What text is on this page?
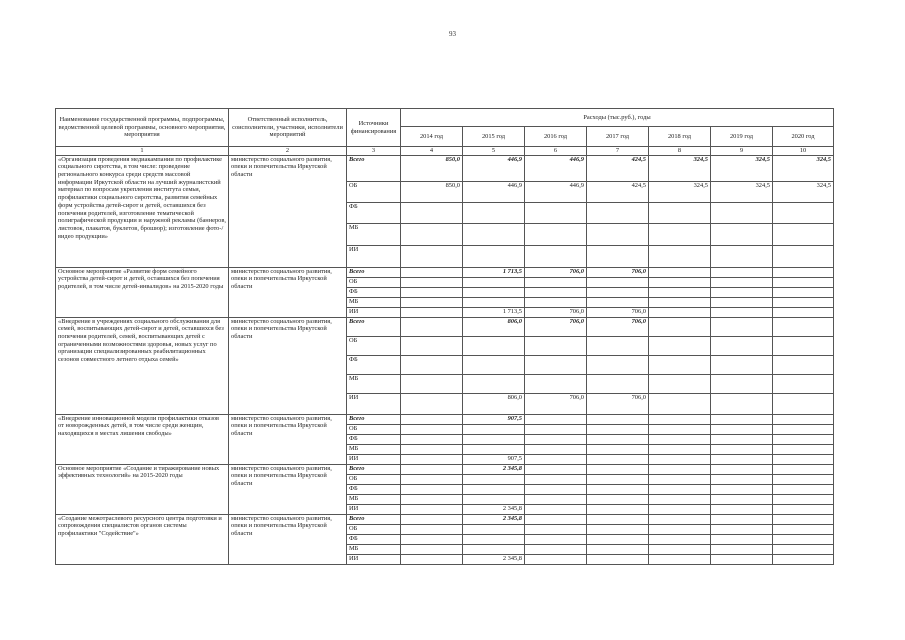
93
Наименование государственной программы, подпрограммы, ведомственной целевой программы, основного мероприятия, мероприятия	Ответственный исполнитель, соисполнители, участники, исполнители мероприятий	Источники финансирования	Расходы (тыс.руб.), годы						
			2014 год	2015 год	2016 год	2017 год	2018 год	2019 год	2020 год
1	2	3	4	5	6	7	8	9	10
«Организация проведения медиакампании по профилактике социального сиротства, в том числе: проведение регионального конкурса среди средств массовой информации Иркутской области на лучший журналистский материал по вопросам укрепления института семьи, профилактики социального сиротства, развития семейных форм устройства детей-сирот и детей, оставшихся без попечения родителей, изготовление тематической полиграфической продукции и наружной рекламы (баннеров, листовок, плакатов, буклетов, брошюр); изготовление фото-/видео продукции»	министерство социального развития, опеки и попечительства Иркутской области	Всего	850,0	446,9	446,9	424,5	324,5	324,5	324,5
		ОБ	850,0	446,9	446,9	424,5	324,5	324,5	324,5
		ФБ							
		МБ							
		ИИ							
Основное мероприятие «Развитие форм семейного устройства детей-сирот и детей, оставшихся без попечения родителей, в том числе детей-инвалидов» на 2015-2020 годы	министерство социального развития, опеки и попечительства Иркутской области	Всего		1 713,5	706,0	706,0			
		ОБ							
		ФБ							
		МБ							
		ИИ		1 713,5	706,0	706,0			
«Внедрение в учреждениях социального обслуживания для семей, воспитывающих детей-сирот и детей, оставшихся без попечения родителей, семей, воспитывающих детей с ограниченными возможностями здоровья, новых услуг по организации специализированных реабилитационных сезонов совместного летнего отдыха семей»	министерство социального развития, опеки и попечительства Иркутской области	Всего		806,0	706,0	706,0			
		ОБ							
		ФБ							
		МБ							
		ИИ		806,0	706,0	706,0			
«Внедрение инновационной модели профилактики отказов от новорожденных детей, в том числе среди женщин, находящихся в местах лишения свободы»	министерство социального развития, опеки и попечительства Иркутской области	Всего		907,5					
		ОБ							
		ФБ							
		МБ							
		ИИ		907,5					
Основное мероприятие «Создание и тиражирование новых эффективных технологий» на 2015-2020 годы	министерство социального развития, опеки и попечительства Иркутской области	Всего		2 345,8					
		ОБ							
		ФБ							
		МБ							
		ИИ		2 345,8					
«Создание межотраслевого ресурсного центра подготовки и сопровождения специалистов органов системы профилактики "Содействие"»	министерство социального развития, опеки и попечительства Иркутской области	Всего		2 345,8					
		ОБ							
		ФБ							
		МБ							
		ИИ		2 345,8					
